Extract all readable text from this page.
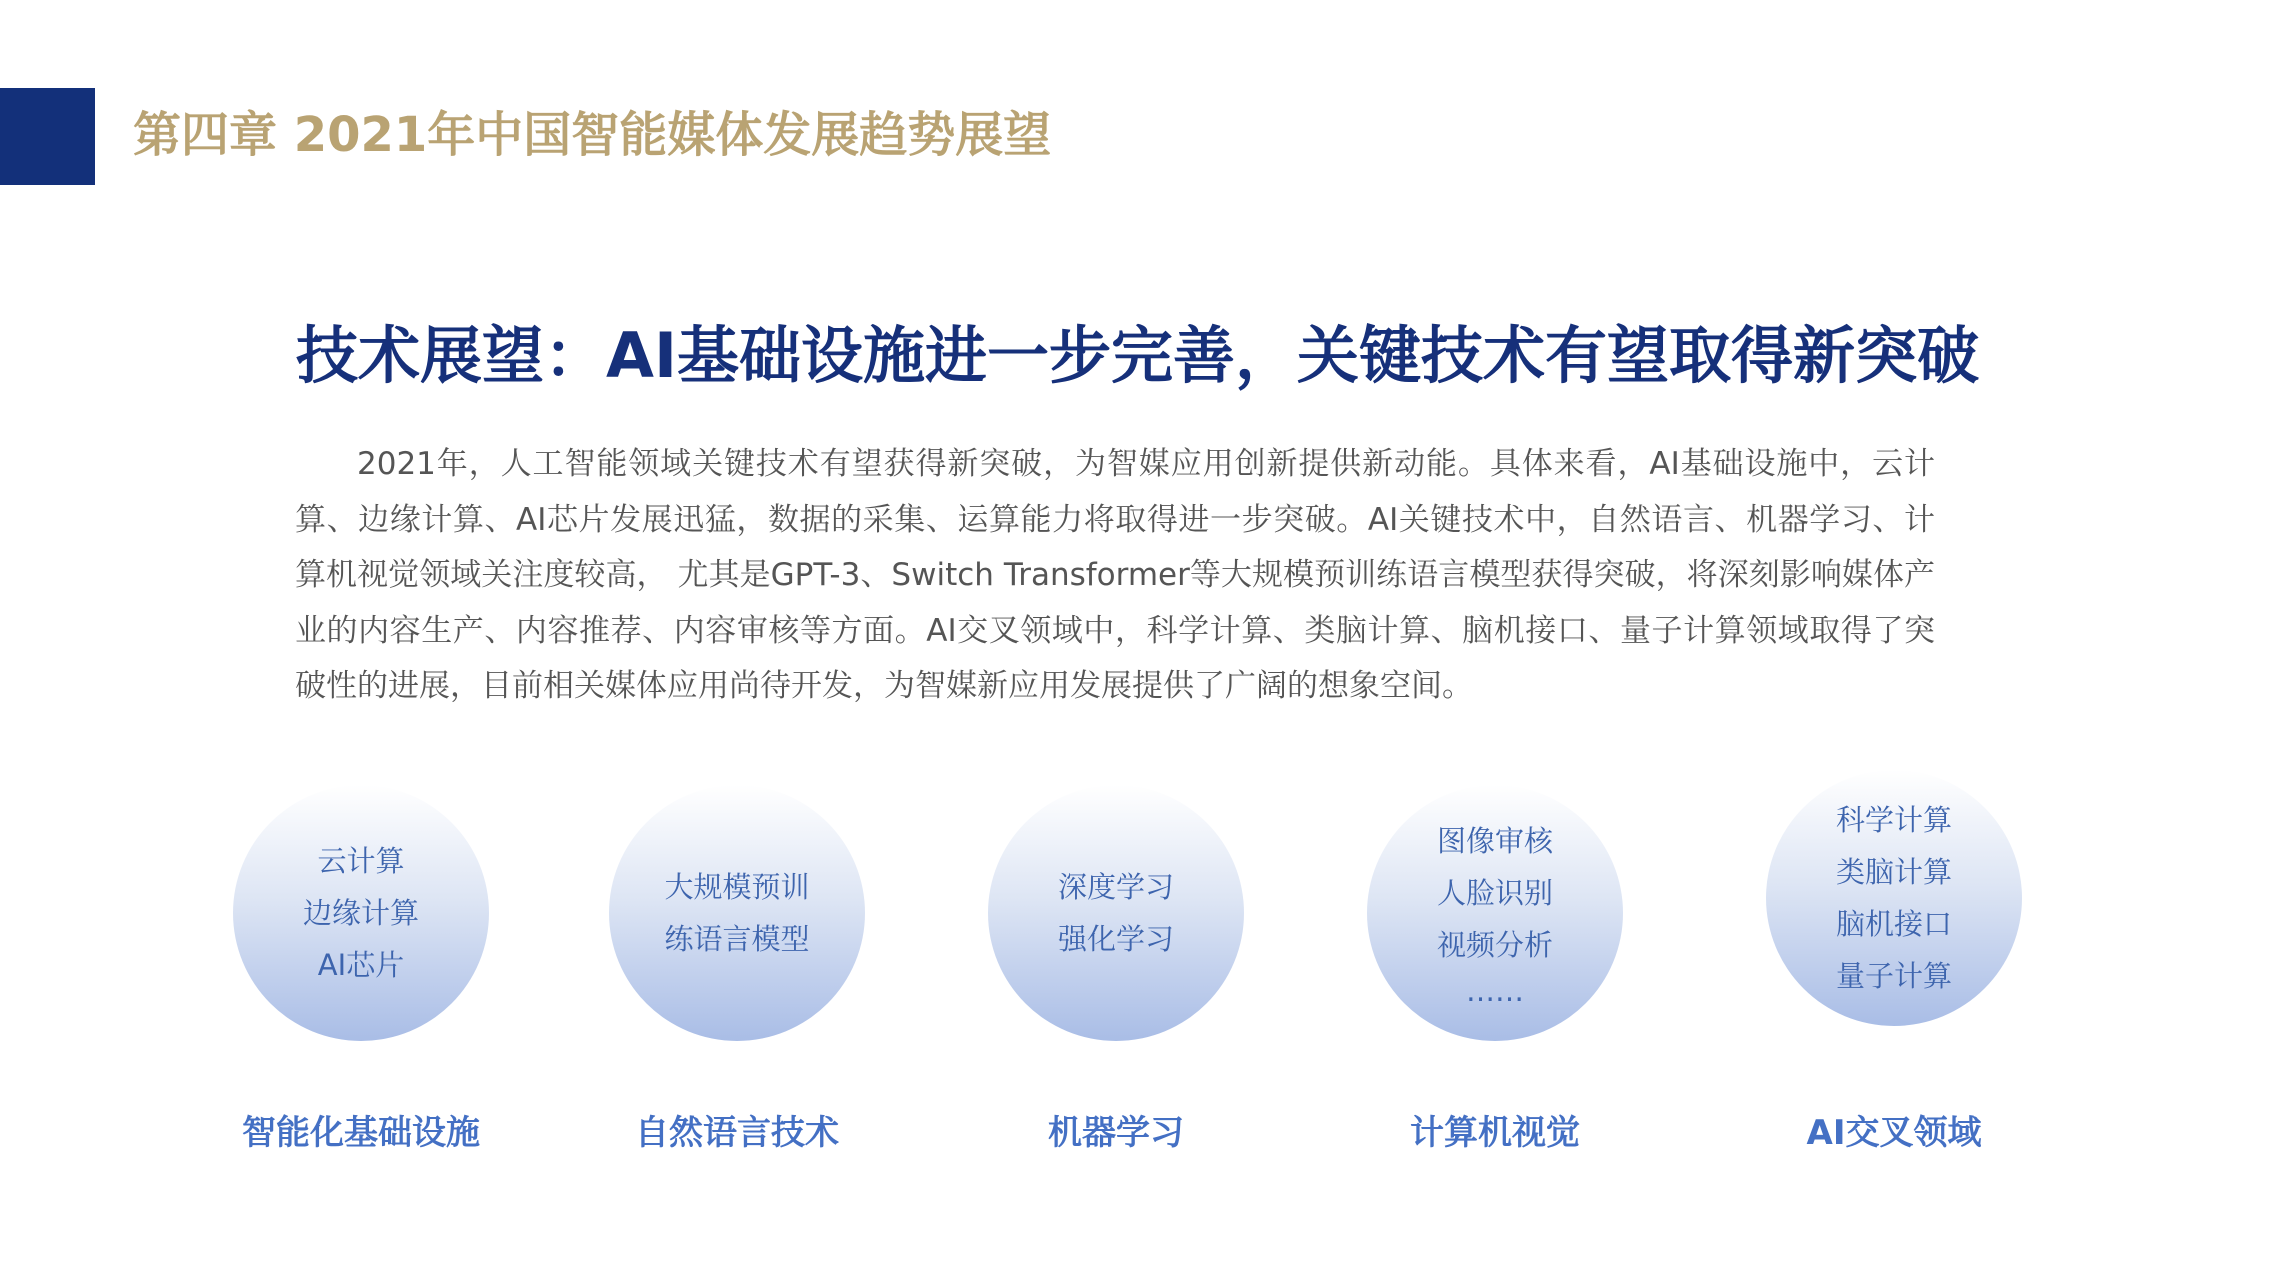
第四章 2021年中国智能媒体发展趋势展望
技术展望：AI基础设施进一步完善，关键技术有望取得新突破
2021年，人工智能领域关键技术有望获得新突破，为智媒应用创新提供新动能。具体来看，AI基础设施中，云计算、边缘计算、AI芯片发展迅猛，数据的采集、运算能力将取得进一步突破。AI关键技术中，自然语言、机器学习、计算机视觉领域关注度较高， 尤其是GPT-3、Switch Transformer等大规模预训练语言模型获得突破，将深刻影响媒体产业的内容生产、内容推荐、内容审核等方面。AI交叉领域中，科学计算、类脑计算、脑机接口、量子计算领域取得了突破性的进展，目前相关媒体应用尚待开发，为智媒新应用发展提供了广阔的想象空间。
云计算
边缘计算
AI芯片
智能化基础设施
大规模预训
练语言模型
自然语言技术
深度学习
强化学习
机器学习
图像审核
人脸识别
视频分析
……
计算机视觉
科学计算
类脑计算
脑机接口
量子计算
AI交叉领域
